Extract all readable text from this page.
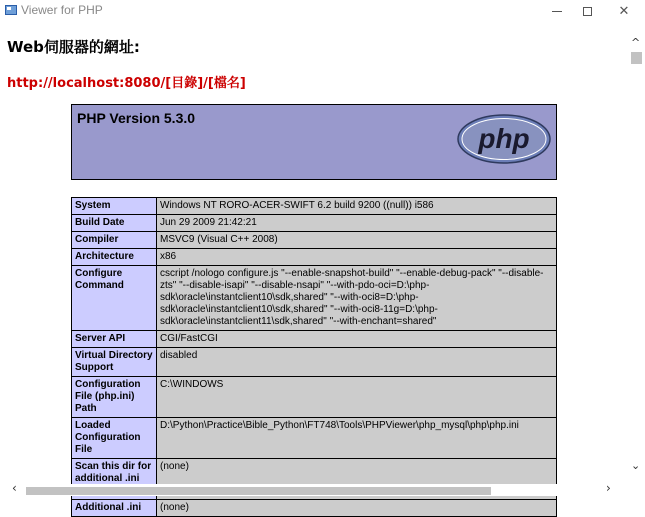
Viewer for PHP	✕
Web伺服器的網址:
http://localhost:8080/[目錄]/[檔名]
PHP Version 5.3.0
php
System	Windows NT RORO-ACER-SWIFT 6.2 build 9200 ((null)) i586
Build Date	Jun 29 2009 21:42:21
Compiler	MSVC9 (Visual C++ 2008)
Architecture	x86
Configure Command	cscript /nologo configure.js "--enable-snapshot-build" "--enable-debug-pack" "--disable-zts" "--disable-isapi" "--disable-nsapi" "--with-pdo-oci=D:\php-sdk\oracle\instantclient10\sdk,shared" "--with-oci8=D:\php-sdk\oracle\instantclient10\sdk,shared" "--with-oci8-11g=D:\php-sdk\oracle\instantclient11\sdk,shared" "--with-enchant=shared"
Server API	CGI/FastCGI
Virtual Directory Support	disabled
Configuration File (php.ini) Path	C:\WINDOWS
Loaded Configuration File	D:\Python\Practice\Bible_Python\FT748\Tools\PHPViewer\php_mysql\php\php.ini
Scan this dir for additional .ini	(none)
Additional .ini	(none)
^
⌄
‹	›
